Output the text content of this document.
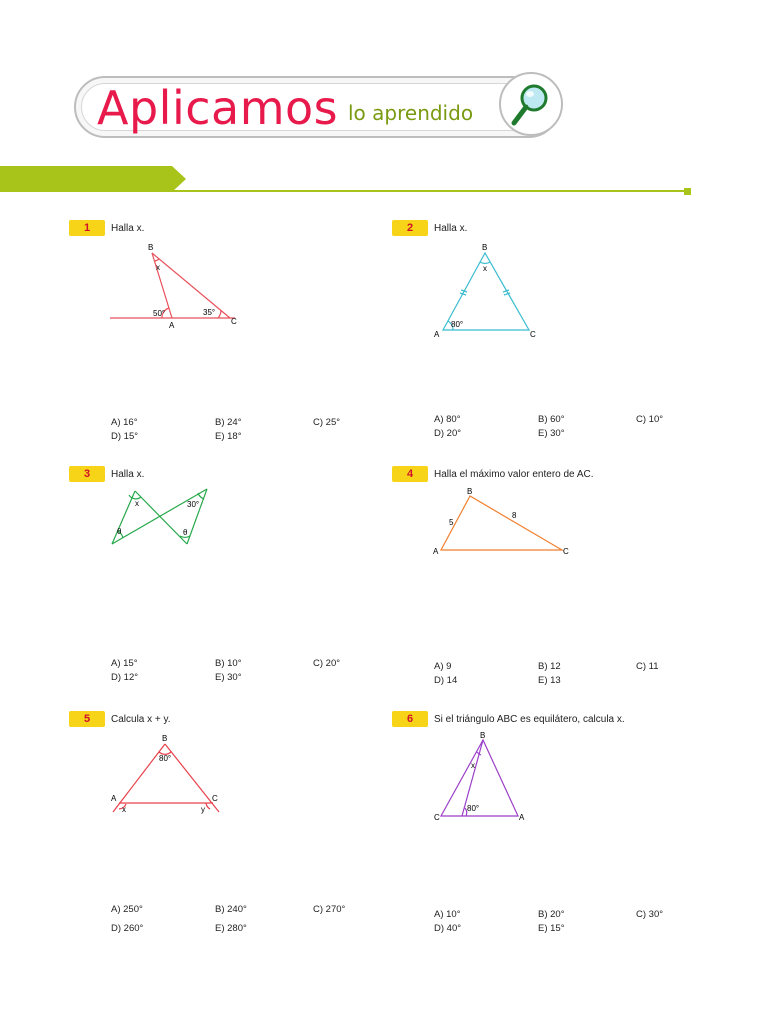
Aplicamos lo aprendido
1	Halla x.
B
x
50°
A
35°
C
A) 16°	B) 24°	C) 25°
D) 15°	E) 18°
2	Halla x.
B
x
80°
A	C
A) 80°	B) 60°	C) 10°
D) 20°	E) 30°
3	Halla x.
x	30°
θ	θ
A) 15°	B) 10°	C) 20°
D) 12°	E) 30°
4	Halla el máximo valor entero de AC.
B
5
8
A	C
A) 9	B) 12	C) 11
D) 14	E) 13
5	Calcula x + y.
B
80°
A	C
x	y
A) 250°	B) 240°	C) 270°
D) 260°	E) 280°
6	Si el triángulo ABC es equilátero, calcula x.
B
x
80°
C	A
A) 10°	B) 20°	C) 30°
D) 40°	E) 15°
